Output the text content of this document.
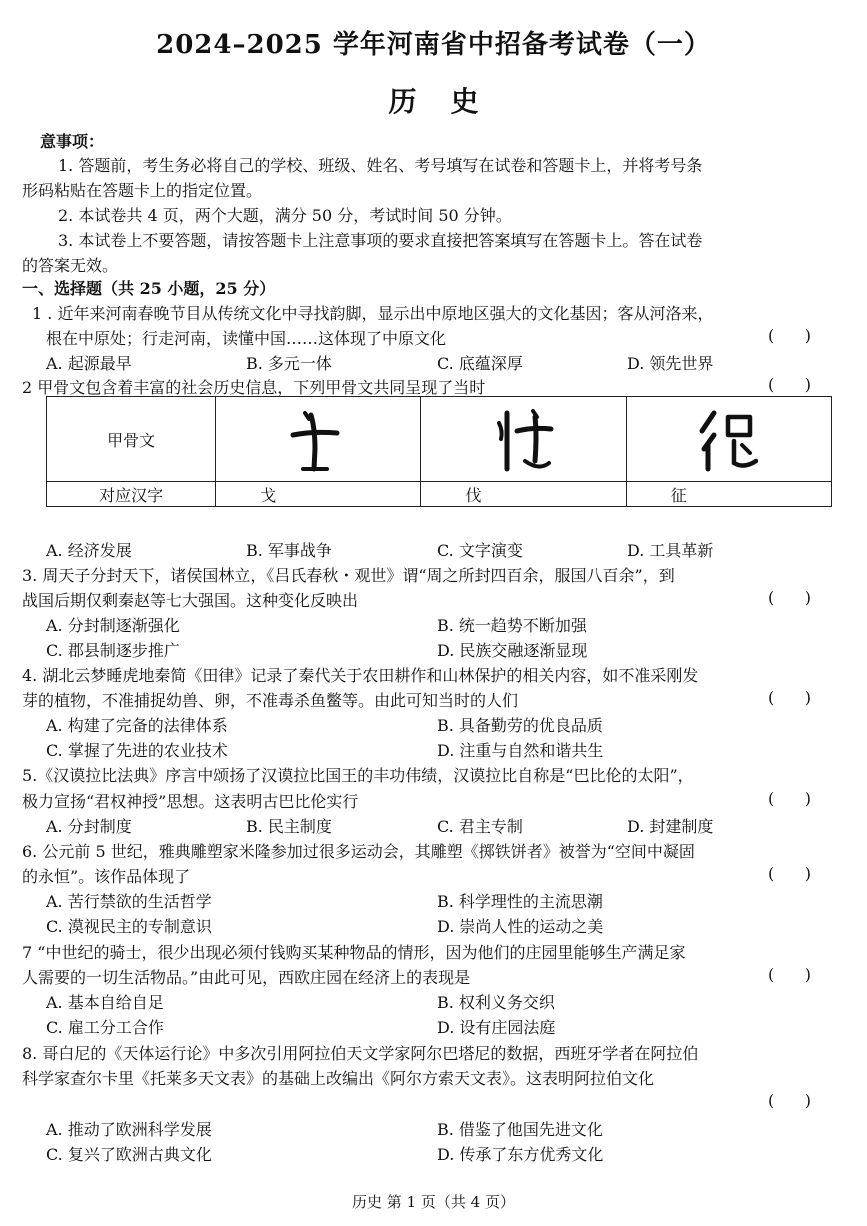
2024–2025 学年河南省中招备考试卷（一）
历史
意事项：
1. 答题前，考生务必将自己的学校、班级、姓名、考号填写在试卷和答题卡上，并将考号条
形码粘贴在答题卡上的指定位置。
2. 本试卷共 4 页，两个大题，满分 50 分，考试时间 50 分钟。
3. 本试卷上不要答题，请按答题卡上注意事项的要求直接把答案填写在答题卡上。答在试卷
的答案无效。
一、选择题（共 25 小题，25 分）
1 . 近年来河南春晚节目从传统文化中寻找韵脚，显示出中原地区强大的文化基因；客从河洛来，
根在中原处；行走河南，读懂中国……这体现了中原文化	(      )
A. 起源最早	B. 多元一体	C. 底蕴深厚	D. 领先世界
2 甲骨文包含着丰富的社会历史信息，下列甲骨文共同呈现了当时	(      )
甲骨文	

对应汉字	戈	伐	征
A. 经济发展	B. 军事战争	C. 文字演变	D. 工具革新
3. 周天子分封天下，诸侯国林立，《吕氏春秋・观世》谓“周之所封四百余，服国八百余”，到
战国后期仅剩秦赵等七大强国。这种变化反映出	(      )
A. 分封制逐渐强化	B. 统一趋势不断加强
C. 郡县制逐步推广	D. 民族交融逐渐显现
4. 湖北云梦睡虎地秦简《田律》记录了秦代关于农田耕作和山林保护的相关内容，如不准采刚发
芽的植物，不准捕捉幼兽、卵，不准毒杀鱼鳖等。由此可知当时的人们	(      )
A. 构建了完备的法律体系	B. 具备勤劳的优良品质
C. 掌握了先进的农业技术	D. 注重与自然和谐共生
5.《汉谟拉比法典》序言中颂扬了汉谟拉比国王的丰功伟绩，汉谟拉比自称是“巴比伦的太阳”，
极力宣扬“君权神授”思想。这表明古巴比伦实行	(      )
A. 分封制度	B. 民主制度	C. 君主专制	D. 封建制度
6. 公元前 5 世纪，雅典雕塑家米隆参加过很多运动会，其雕塑《掷铁饼者》被誉为“空间中凝固
的永恒”。该作品体现了	(      )
A. 苦行禁欲的生活哲学	B. 科学理性的主流思潮
C. 漠视民主的专制意识	D. 崇尚人性的运动之美
7 “中世纪的骑士，很少出现必须付钱购买某种物品的情形，因为他们的庄园里能够生产满足家
人需要的一切生活物品。”由此可见，西欧庄园在经济上的表现是	(      )
A. 基本自给自足	B. 权利义务交织
C. 雇工分工合作	D. 设有庄园法庭
8. 哥白尼的《天体运行论》中多次引用阿拉伯天文学家阿尔巴塔尼的数据，西班牙学者在阿拉伯
科学家查尔卡里《托莱多天文表》的基础上改编出《阿尔方索天文表》。这表明阿拉伯文化
(      )
A. 推动了欧洲科学发展	B. 借鉴了他国先进文化
C. 复兴了欧洲古典文化	D. 传承了东方优秀文化
历史 第 1 页（共 4 页）
